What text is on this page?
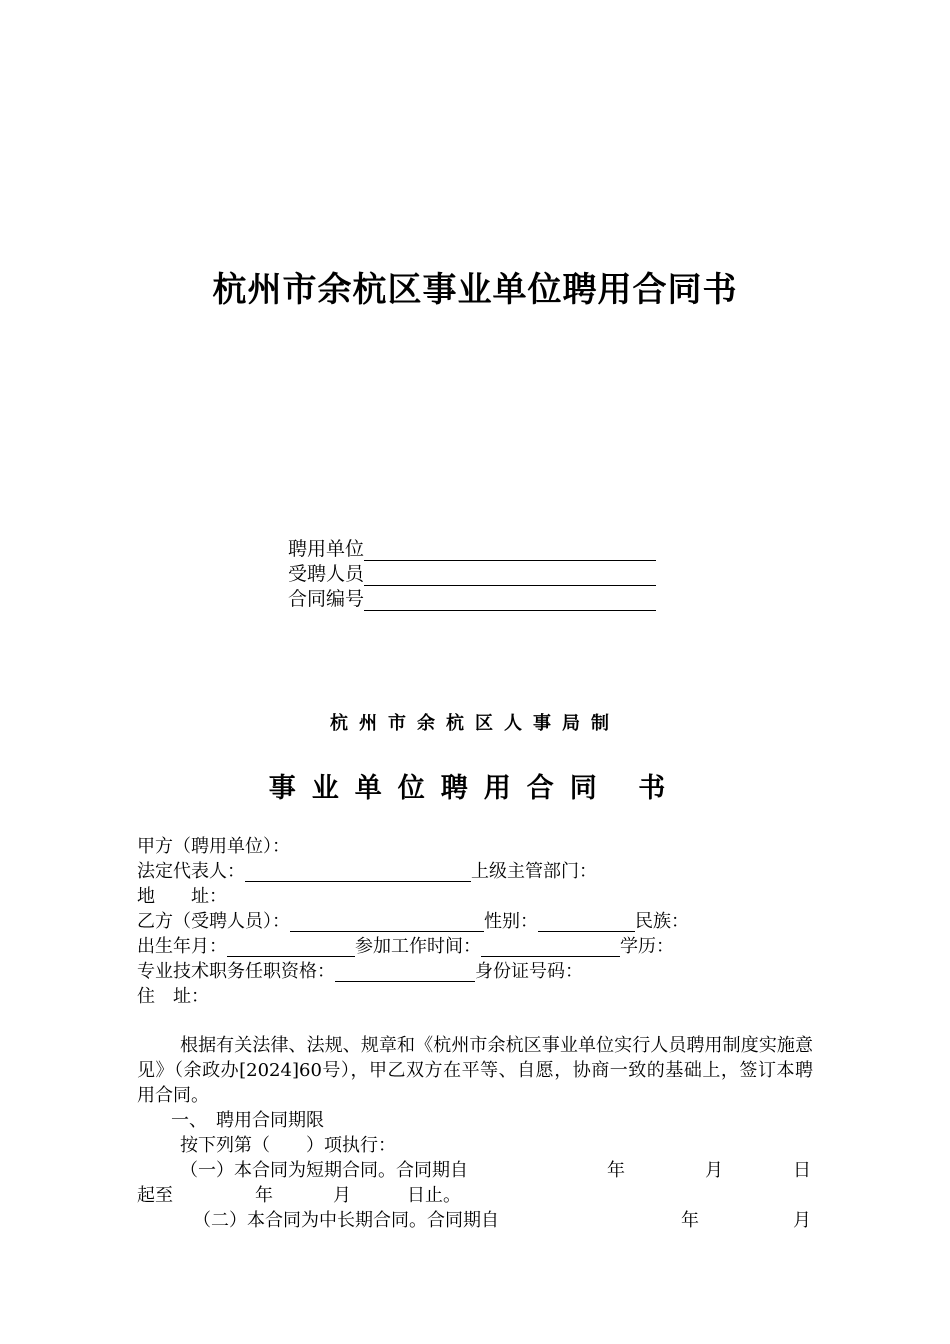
杭州市余杭区事业单位聘用合同书
聘用单位
受聘人员
合同编号
杭州市余杭区人事局制
事业单位聘用合同 书
甲方（聘用单位）：
法定代表人：	上级主管部门：
地　　址：
乙方（受聘人员）：	性别：	民族：
出生年月：	参加工作时间：	学历：
专业技术职务任职资格：	身份证号码：
住　址：
根据有关法律、法规、规章和《杭州市余杭区事业单位实行人员聘用制度实施意见》（余政办[2024]60号），甲乙双方在平等、自愿，协商一致的基础上，签订本聘用合同。
一、　聘用合同期限
按下列第（　　）项执行：
（一）本合同为短期合同。合同期自	年	月	日
起至	年	月	日止。
（二）本合同为中长期合同。合同期自	年	月
